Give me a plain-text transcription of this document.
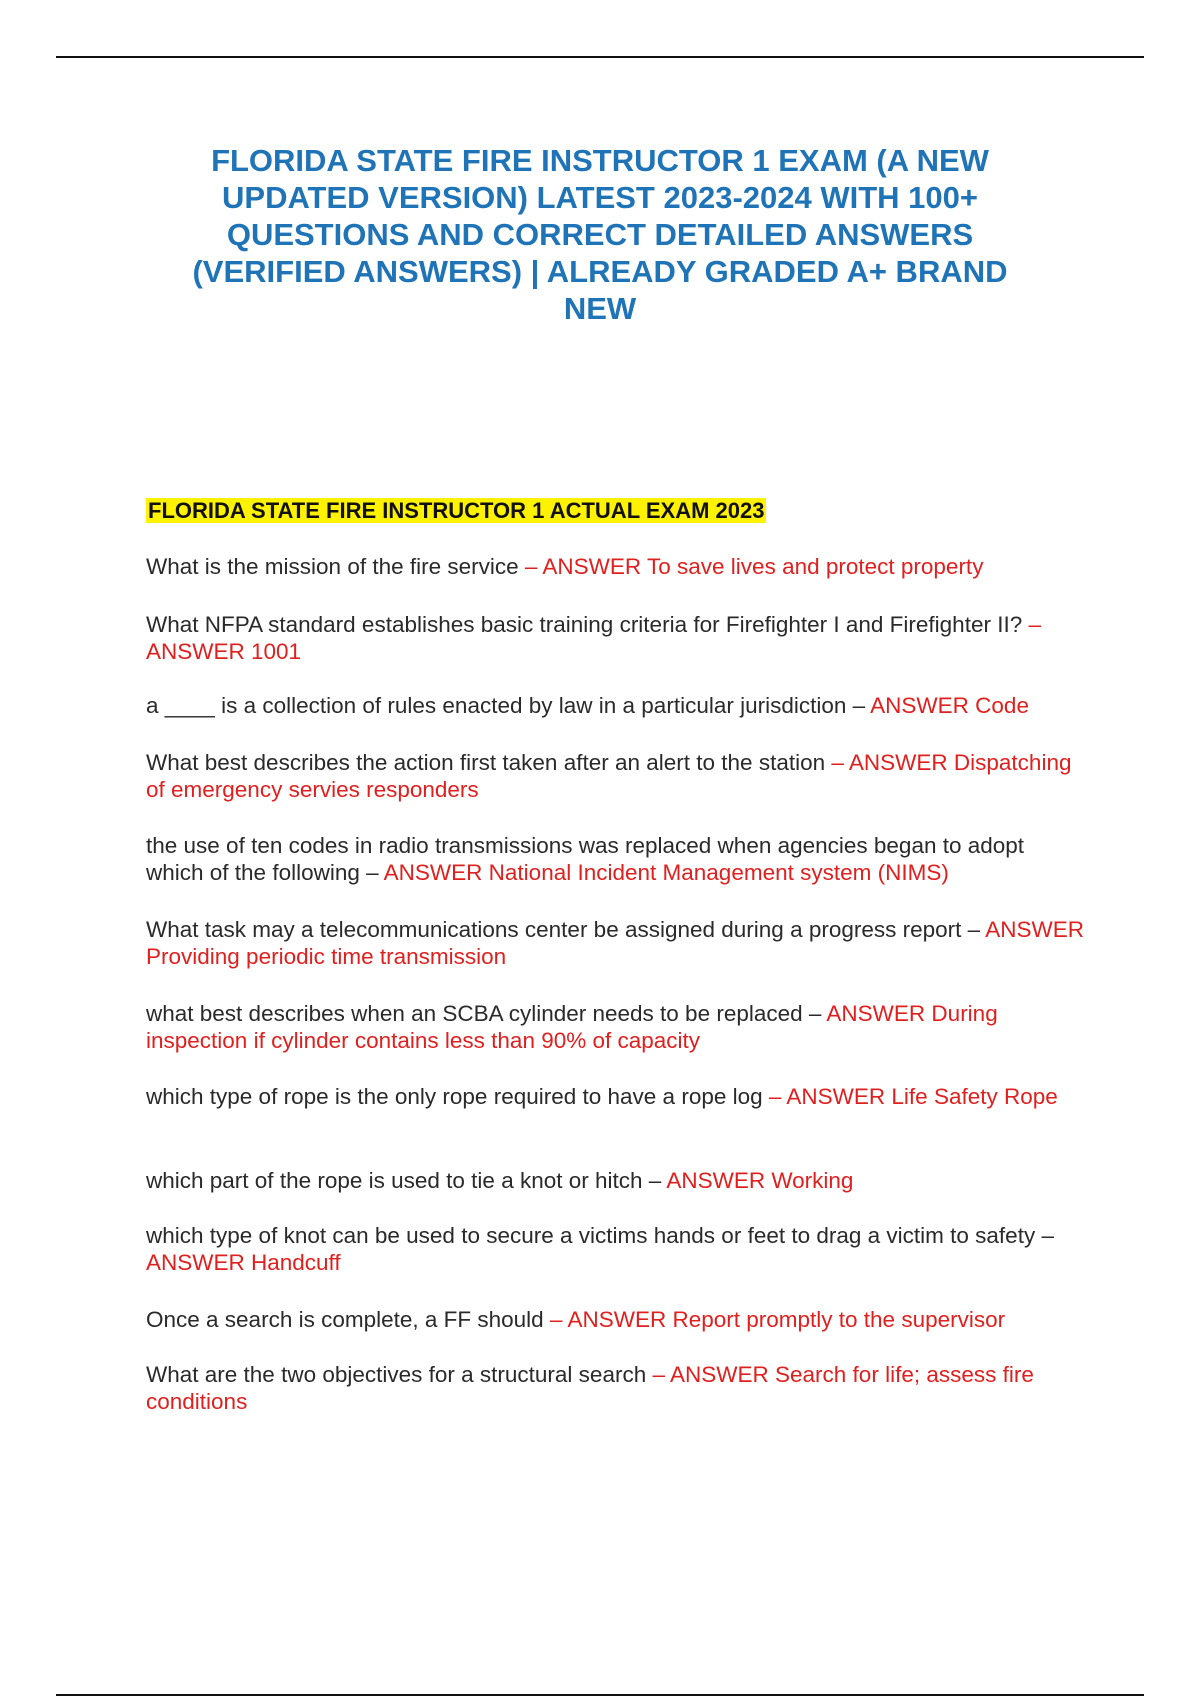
FLORIDA STATE FIRE INSTRUCTOR 1 EXAM (A NEW UPDATED VERSION) LATEST 2023-2024 WITH 100+ QUESTIONS AND CORRECT DETAILED ANSWERS (VERIFIED ANSWERS) | ALREADY GRADED A+ BRAND NEW
FLORIDA STATE FIRE INSTRUCTOR 1 ACTUAL EXAM 2023
What is the mission of the fire service – ANSWER To save lives and protect property
What NFPA standard establishes basic training criteria for Firefighter I and Firefighter II? – ANSWER 1001
a ____ is a collection of rules enacted by law in a particular jurisdiction – ANSWER Code
What best describes the action first taken after an alert to the station – ANSWER Dispatching of emergency servies responders
the use of ten codes in radio transmissions was replaced when agencies began to adopt which of the following – ANSWER National Incident Management system (NIMS)
What task may a telecommunications center be assigned during a progress report – ANSWER Providing periodic time transmission
what best describes when an SCBA cylinder needs to be replaced – ANSWER During inspection if cylinder contains less than 90% of capacity
which type of rope is the only rope required to have a rope log – ANSWER Life Safety Rope
which part of the rope is used to tie a knot or hitch – ANSWER Working
which type of knot can be used to secure a victims hands or feet to drag a victim to safety – ANSWER Handcuff
Once a search is complete, a FF should – ANSWER Report promptly to the supervisor
What are the two objectives for a structural search – ANSWER Search for life; assess fire conditions
